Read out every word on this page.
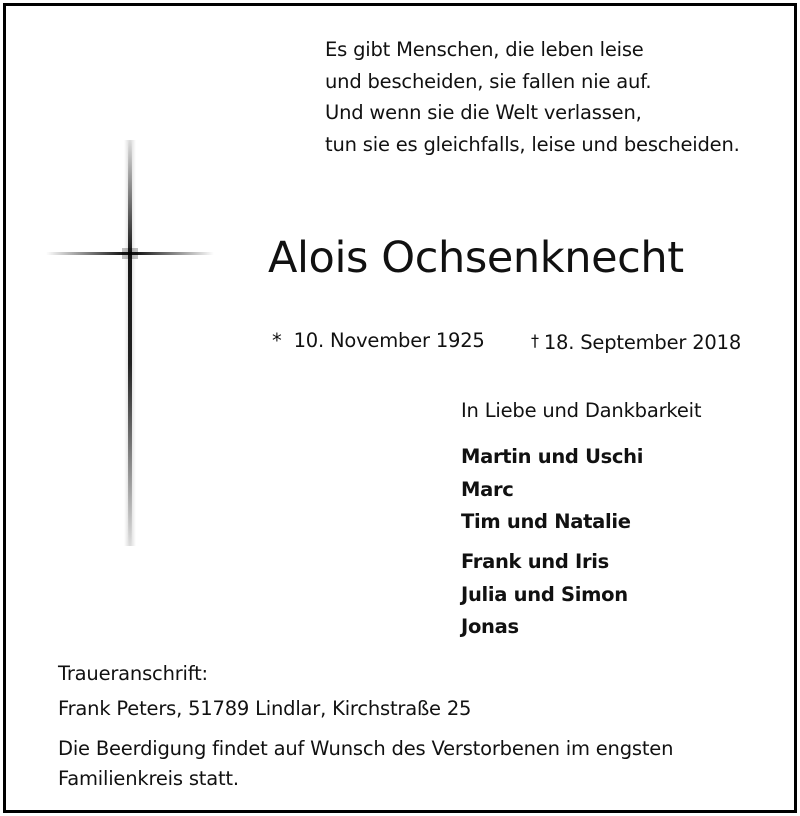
Es gibt Menschen, die leben leise
und bescheiden, sie fallen nie auf.
Und wenn sie die Welt verlassen,
tun sie es gleichfalls, leise und bescheiden.
Alois Ochsenknecht
* 10. November 1925	† 18. September 2018
In Liebe und Dankbarkeit
Martin und Uschi
Marc
Tim und Natalie
Frank und Iris
Julia und Simon
Jonas
Traueranschrift:
Frank Peters, 51789 Lindlar, Kirchstraße 25
Die Beerdigung findet auf Wunsch des Verstorbenen im engsten
Familienkreis statt.
